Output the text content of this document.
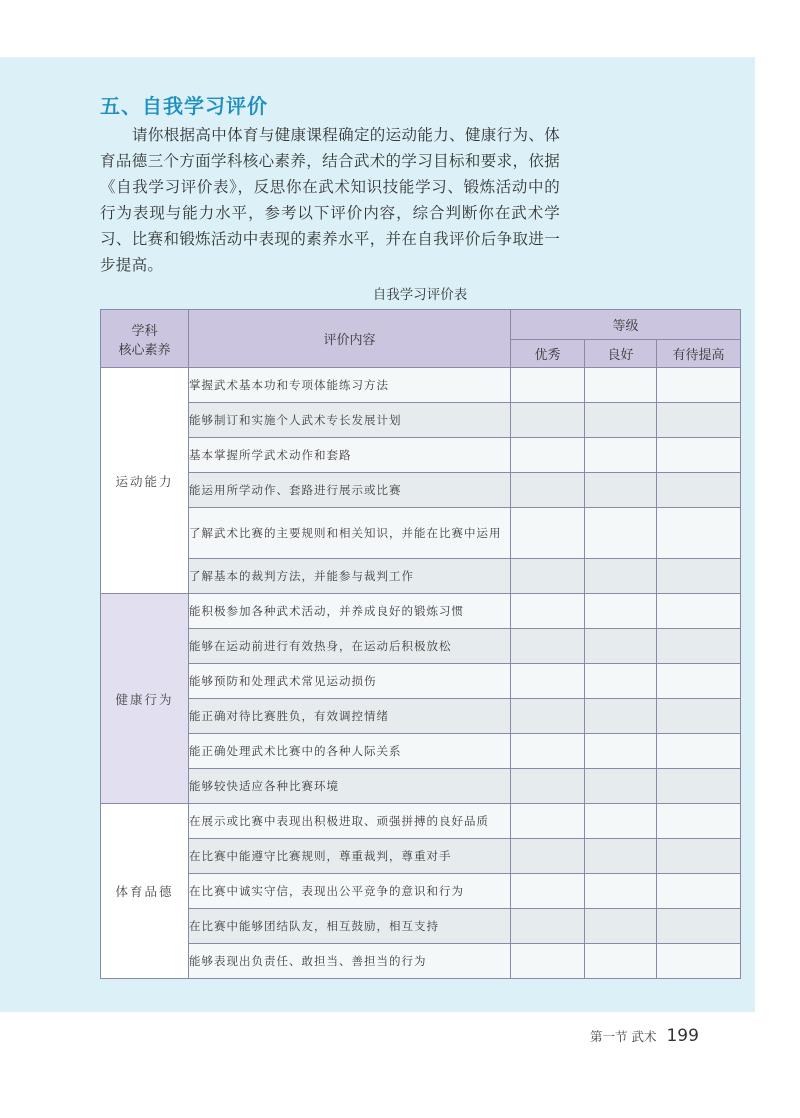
五、自我学习评价

请你根据高中体育与健康课程确定的运动能力、健康行为、体育品德三个方面学科核心素养，结合武术的学习目标和要求，依据《自我学习评价表》，反思你在武术知识技能学习、锻炼活动中的行为表现与能力水平，参考以下评价内容，综合判断你在武术学习、比赛和锻炼活动中表现的素养水平，并在自我评价后争取进一步提高。

自我学习评价表

学科
核心素养	评价内容	等级		
		优秀	良好	有待提高
运动能力	掌握武术基本功和专项体能练习方法			
	能够制订和实施个人武术专长发展计划			
	基本掌握所学武术动作和套路			
	能运用所学动作、套路进行展示或比赛			
	了解武术比赛的主要规则和相关知识，并能在比赛中运用			
	了解基本的裁判方法，并能参与裁判工作			
健康行为	能积极参加各种武术活动，并养成良好的锻炼习惯			
	能够在运动前进行有效热身，在运动后积极放松			
	能够预防和处理武术常见运动损伤			
	能正确对待比赛胜负，有效调控情绪			
	能正确处理武术比赛中的各种人际关系			
	能够较快适应各种比赛环境			
体育品德	在展示或比赛中表现出积极进取、顽强拼搏的良好品质			
	在比赛中能遵守比赛规则，尊重裁判，尊重对手			
	在比赛中诚实守信，表现出公平竞争的意识和行为			
	在比赛中能够团结队友，相互鼓励，相互支持			
	能够表现出负责任、敢担当、善担当的行为			
第一节 武术 199
